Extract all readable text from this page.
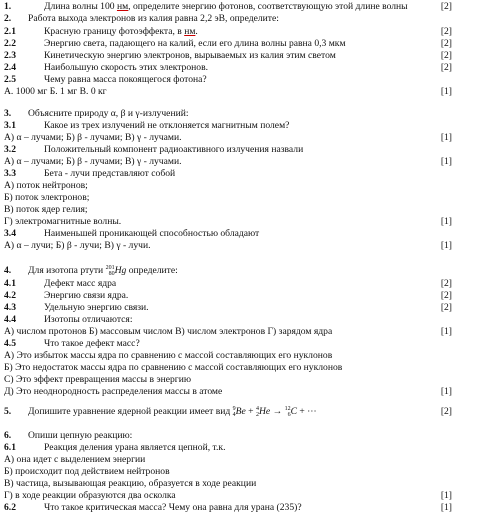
1.	Длина волны 100 нм, определите энергию фотонов, соответствующую этой длине волны	[2]
2. Работа выхода электронов из калия равна 2,2 эВ, определите:
2.1	Красную границу фотоэффекта, в нм.	[2]
2.2	Энергию света, падающего на калий, если его длина волны равна 0,3 мкм	[2]
2.3	Кинетическую энергию электронов, вырываемых из калия этим светом	[2]
2.4	Наибольшую скорость этих электронов.	[2]
2.5	Чему равна масса покоящегося фотона?
А. 1000 мг Б. 1 мг В. 0 кг	[1]
3. Объясните природу α, β и γ-излучений:
3.1	Какое из трех излучений не отклоняется магнитным полем?
А) α – лучами; Б) β - лучами; В) γ - лучами.	[1]
3.2	Положительный компонент радиоактивного излучения назвали
А) α – лучами; Б) β - лучами; В) γ - лучами.	[1]
3.3	Бета - лучи представляют собой
А) поток нейтронов;
Б) поток электронов;
В) поток ядер гелия;
Г) электромагнитные волны.	[1]
3.4	Наименьшей проникающей способностью обладают
А) α – лучи; Б) β - лучи; В) γ - лучи.	[1]
4. Для изотопа ртути 201
80 Hg определите:
4.1	Дефект масс ядра	[2]
4.2	Энергию связи ядра.	[2]
4.3	Удельную энергию связи.	[2]
4.4	Изотопы отличаются:
А) числом протонов Б) массовым числом В) числом электронов Г) зарядом ядра	[1]
4.5	Что такое дефект масс?
А) Это избыток массы ядра по сравнению с массой составляющих его нуклонов
Б) Это недостаток массы ядра по сравнению с массой составляющих его нуклонов
С) Это эффект превращения массы в энергию
Д) Это неоднородность распределения массы в атоме	[1]
5. Допишите уравнение ядерной реакции имеет вид 9
4 Be + 4
2 He → 12
6 C + ⋯	[2]
6. Опиши цепную реакцию:
6.1	Реакция деления урана является цепной, т.к.
А) она идет с выделением энергии
Б) происходит под действием нейтронов
В) частица, вызывающая реакцию, образуется в ходе реакции
Г) в ходе реакции образуются два осколка	[1]
6.2	Что такое критическая масса? Чему она равна для урана (235)?	[1]
